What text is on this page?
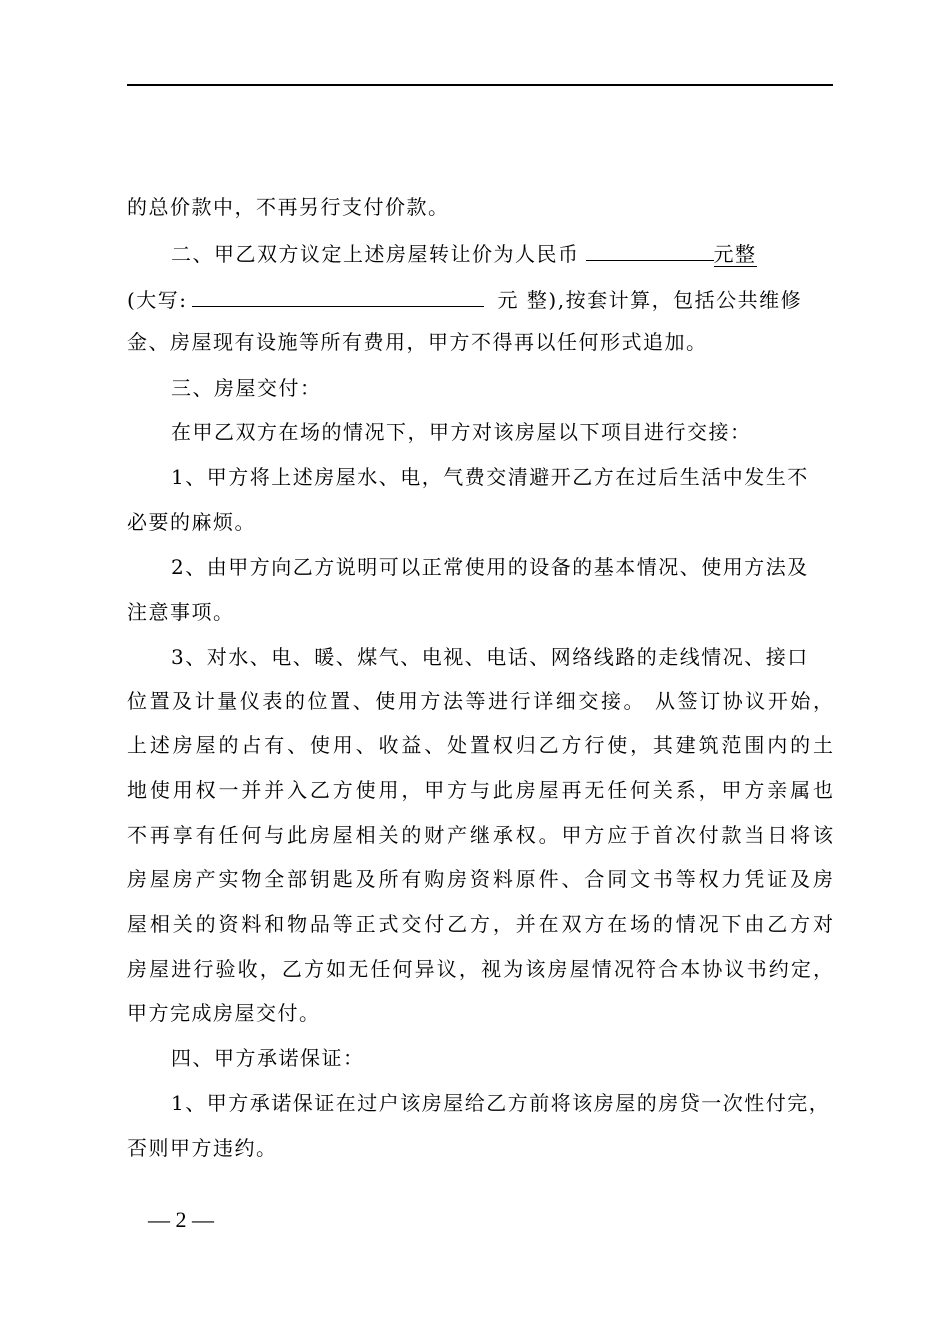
的总价款中，不再另行支付价款。
二、甲乙双方议定上述房屋转让价为人民币	元整
(大写:	元 整),按套计算，包括公共维修
金、房屋现有设施等所有费用，甲方不得再以任何形式追加。
三、房屋交付：
在甲乙双方在场的情况下，甲方对该房屋以下项目进行交接：
1、甲方将上述房屋水、电，气费交清避开乙方在过后生活中发生不
必要的麻烦。
2、由甲方向乙方说明可以正常使用的设备的基本情况、使用方法及
注意事项。
3、对水、电、暖、煤气、电视、电话、网络线路的走线情况、接口
位置及计量仪表的位置、使用方法等进行详细交接。 从签订协议开始，
上述房屋的占有、使用、收益、处置权归乙方行使，其建筑范围内的土
地使用权一并并入乙方使用，甲方与此房屋再无任何关系，甲方亲属也
不再享有任何与此房屋相关的财产继承权。甲方应于首次付款当日将该
房屋房产实物全部钥匙及所有购房资料原件、合同文书等权力凭证及房
屋相关的资料和物品等正式交付乙方，并在双方在场的情况下由乙方对
房屋进行验收，乙方如无任何异议，视为该房屋情况符合本协议书约定，
甲方完成房屋交付。
四、甲方承诺保证：
1、甲方承诺保证在过户该房屋给乙方前将该房屋的房贷一次性付完，
否则甲方违约。
— 2 —
